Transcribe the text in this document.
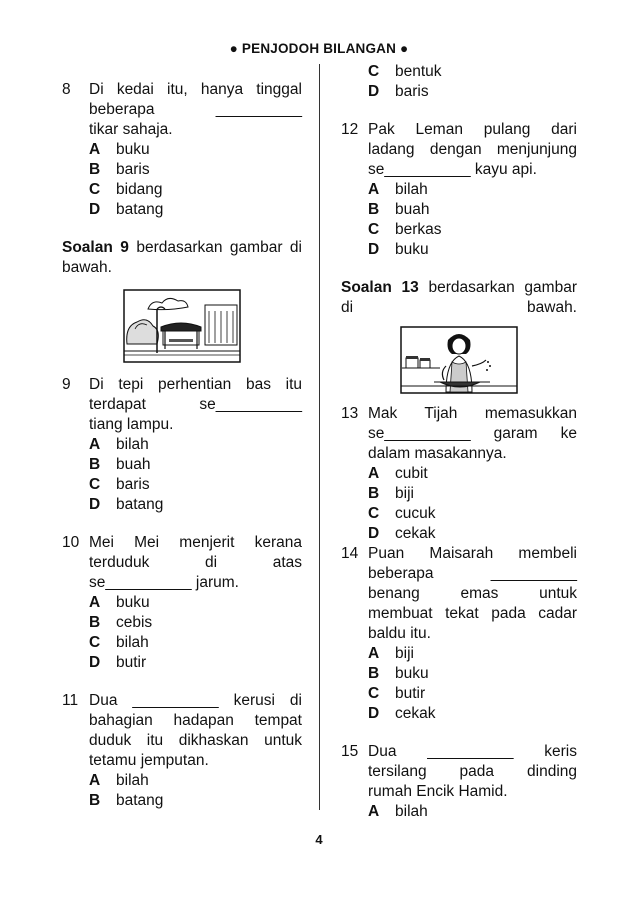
● PENJODOH BILANGAN ●
8	Di kedai itu, hanya tinggal
beberapa __________
tikar sahaja.
A	buku
B	baris
C	bidang
D	batang
Soalan 9 berdasarkan gambar di bawah.
9	Di tepi perhentian bas itu
terdapat se__________
tiang lampu.
A	bilah
B	buah
C	baris
D	batang
10 Mei Mei menjerit kerana
terduduk di atas
se__________ jarum.
A	buku
B	cebis
C	bilah
D	butir
11 Dua __________ kerusi di
bahagian hadapan tempat
duduk itu dikhaskan untuk
tetamu jemputan.
A	bilah
B	batang
C	bentuk
D	baris
12 Pak Leman pulang dari
ladang dengan menjunjung
se__________ kayu api.
A	bilah
B	buah
C	berkas
D	buku
Soalan 13 berdasarkan gambar di bawah.
13 Mak Tijah memasukkan
se__________ garam ke
dalam masakannya.
A	cubit
B	biji
C	cucuk
D	cekak
14 Puan Maisarah membeli
beberapa __________
benang emas untuk
membuat tekat pada cadar
baldu itu.
A	biji
B	buku
C	butir
D	cekak
15 Dua __________ keris
tersilang pada dinding
rumah Encik Hamid.
A	bilah
4
